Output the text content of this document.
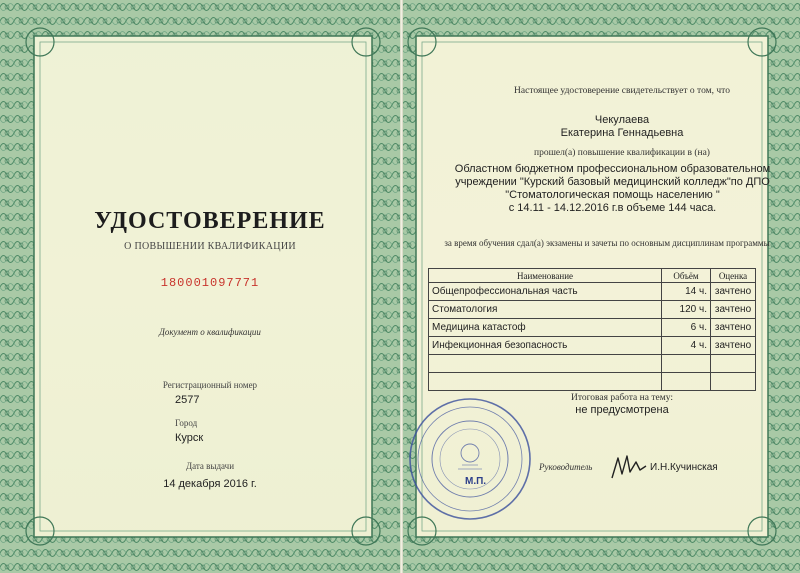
УДОСТОВЕРЕНИЕ
О ПОВЫШЕНИИ КВАЛИФИКАЦИИ
180001097771
Документ о квалификации
Регистрационный номер
2577
Город
Курск
Дата выдачи
14 декабря 2016 г.
Настоящее удостоверение свидетельствует о том, что
Чекулаева
Екатерина Геннадьевна
прошел(а) повышение квалификации в (на)
Областном бюджетном профессиональном образовательном
учреждении "Курский базовый медицинский колледж"по ДПО
"Стоматологическая помощь населению "
с 14.11 - 14.12.2016 г.в объеме 144 часа.
за время обучения сдал(а) экзамены и зачеты по основным дисциплинам программы
Наименование	Объём	Оценка
Общепрофессиональная часть	14 ч.	зачтено
Стоматология	120 ч.	зачтено
Медицина катастоф	6 ч.	зачтено
Инфекционная безопасность	4 ч.	зачтено

Итоговая работа на тему:
не предусмотрена
М.П.
Руководитель	И.Н.Кучинская
